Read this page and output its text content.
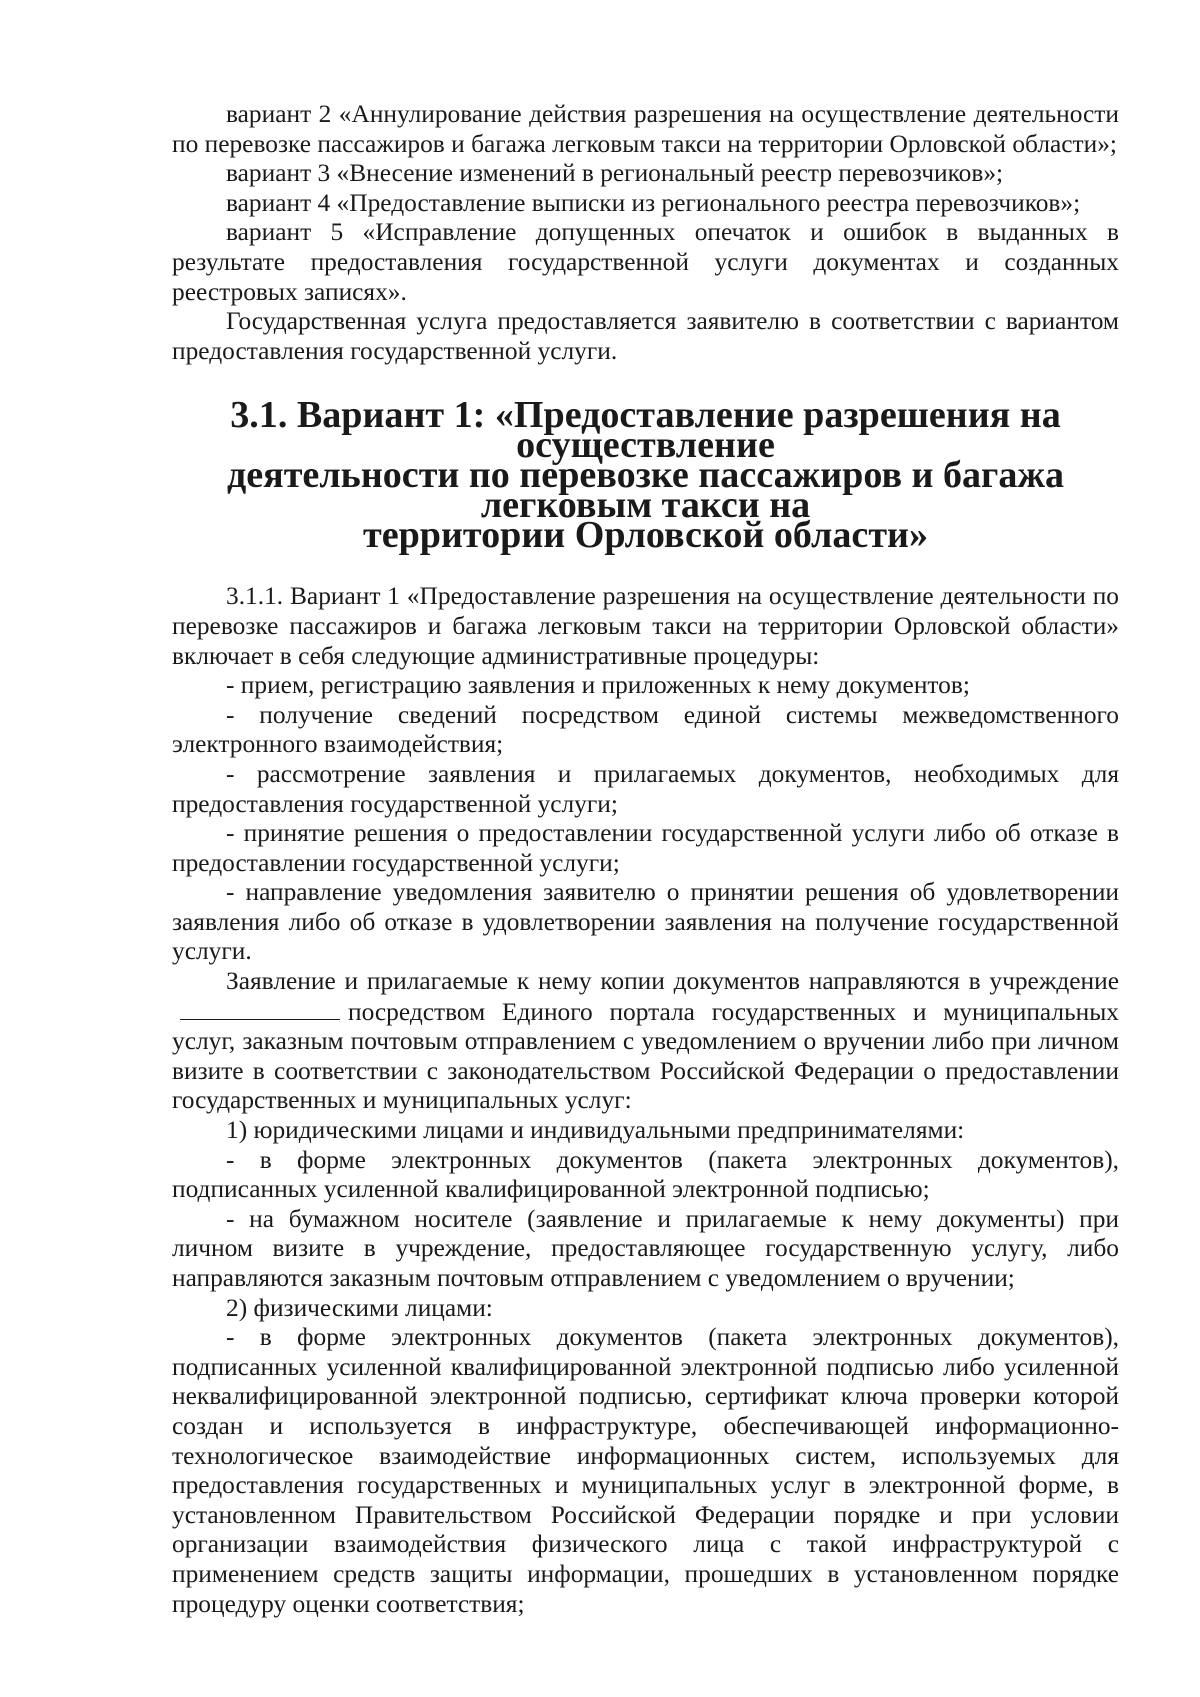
вариант 2 «Аннулирование действия разрешения на осуществление деятельности по перевозке пассажиров и багажа легковым такси на территории Орловской области»;

вариант 3 «Внесение изменений в региональный реестр перевозчиков»;

вариант 4 «Предоставление выписки из регионального реестра перевозчиков»;

вариант 5 «Исправление допущенных опечаток и ошибок в выданных в результате предоставления государственной услуги документах и созданных реестровых записях».

Государственная услуга предоставляется заявителю в соответствии с вариантом предоставления государственной услуги.

3.1. Вариант 1: «Предоставление разрешения на осуществление
деятельности по перевозке пассажиров и багажа легковым такси на
территории Орловской области»

3.1.1. Вариант 1 «Предоставление разрешения на осуществление деятельности по перевозке пассажиров и багажа легковым такси на территории Орловской области» включает в себя следующие административные процедуры:

- прием, регистрацию заявления и приложенных к нему документов;

- получение сведений посредством единой системы межведомственного электронного взаимодействия;

- рассмотрение заявления и прилагаемых документов, необходимых для предоставления государственной услуги;

- принятие решения о предоставлении государственной услуги либо об отказе в предоставлении государственной услуги;

- направление уведомления заявителю о принятии решения об удовлетворении заявления либо об отказе в удовлетворении заявления на получение государственной услуги.

Заявление и прилагаемые к нему копии документов направляются в учреждениепосредством Единого портала государственных и муниципальных услуг, заказным почтовым отправлением с уведомлением о вручении либо при личном визите в соответствии с законодательством Российской Федерации о предоставлении государственных и муниципальных услуг:

1) юридическими лицами и индивидуальными предпринимателями:

- в форме электронных документов (пакета электронных документов), подписанных усиленной квалифицированной электронной подписью;

- на бумажном носителе (заявление и прилагаемые к нему документы) при личном визите в учреждение, предоставляющее государственную услугу, либо направляются заказным почтовым отправлением с уведомлением о вручении;

2) физическими лицами:

- в форме электронных документов (пакета электронных документов), подписанных усиленной квалифицированной электронной подписью либо усиленной неквалифицированной электронной подписью, сертификат ключа проверки которой создан и используется в инфраструктуре, обеспечивающей информационно-технологическое взаимодействие информационных систем, используемых для предоставления государственных и муниципальных услуг в электронной форме, в установленном Правительством Российской Федерации порядке и при условии организации взаимодействия физического лица с такой инфраструктурой с применением средств защиты информации, прошедших в установленном порядке процедуру оценки соответствия;
